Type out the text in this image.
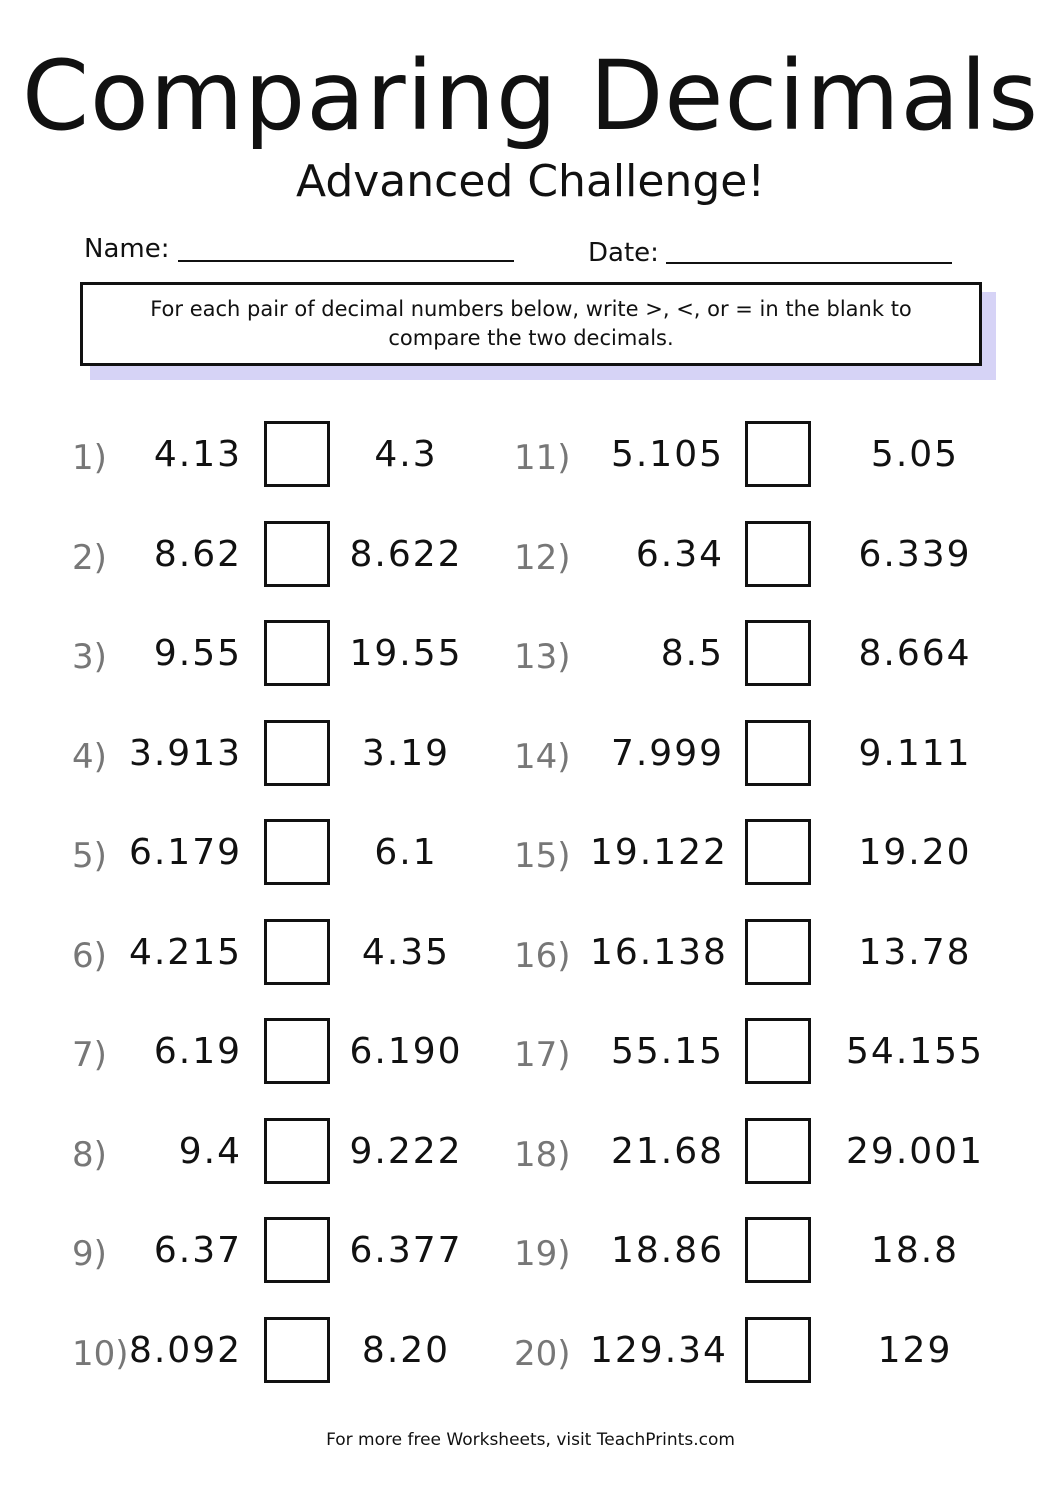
Comparing Decimals
Advanced Challenge!
Name:	Date:
For each pair of decimal numbers below, write >, <, or = in the blank to compare the two decimals.
1)	4.13	4.3
2)	8.62	8.622
3)	9.55	19.55
4) 3.913	3.19
5) 6.179	6.1
6) 4.215	4.35
7)	6.19	6.190
8)	9.4	9.222
9)	6.37	6.377
10) 8.092	8.20
11)	5.105	5.05
12)	6.34	6.339
13)	8.5	8.664
14)	7.999	9.111
15) 19.122	19.20
16) 16.138	13.78
17)	55.15	54.155
18)	21.68	29.001
19)	18.86	18.8
20) 129.34	129
For more free Worksheets, visit TeachPrints.com
